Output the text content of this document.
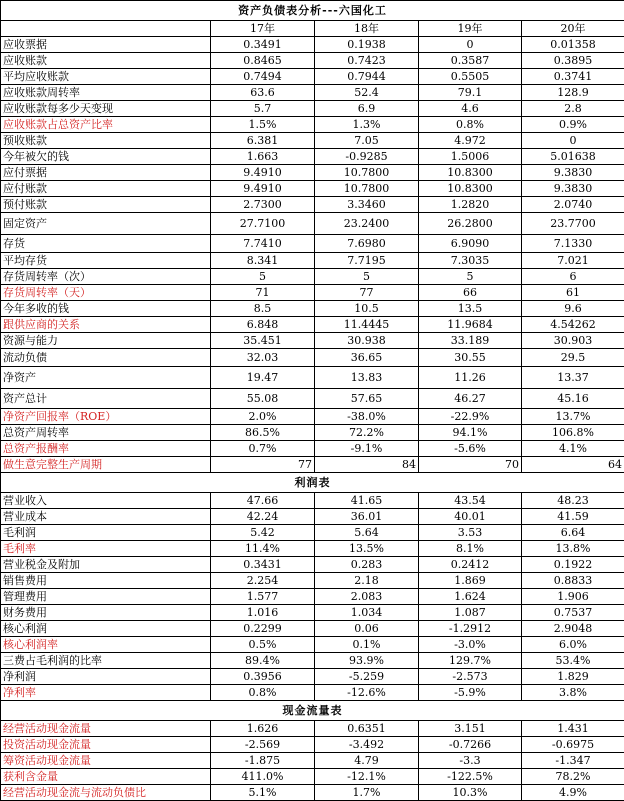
资产负债表分析---六国化工				
	17年	18年	19年	20年
应收票据	0.3491	0.1938	0	0.01358
应收账款	0.8465	0.7423	0.3587	0.3895
平均应收账款	0.7494	0.7944	0.5505	0.3741
应收账款周转率	63.6	52.4	79.1	128.9
应收账款每多少天变现	5.7	6.9	4.6	2.8
应收账款占总资产比率	1.5%	1.3%	0.8%	0.9%
预收账款	6.381	7.05	4.972	0
今年被欠的钱	1.663	-0.9285	1.5006	5.01638
应付票据	9.4910	10.7800	10.8300	9.3830
应付账款	9.4910	10.7800	10.8300	9.3830
预付账款	2.7300	3.3460	1.2820	2.0740
固定资产	27.7100	23.2400	26.2800	23.7700
存货	7.7410	7.6980	6.9090	7.1330
平均存货	8.341	7.7195	7.3035	7.021
存货周转率（次）	5	5	5	6
存货周转率（天）	71	77	66	61
今年多收的钱	8.5	10.5	13.5	9.6
跟供应商的关系	6.848	11.4445	11.9684	4.54262
资源与能力	35.451	30.938	33.189	30.903
流动负债	32.03	36.65	30.55	29.5
净资产	19.47	13.83	11.26	13.37
资产总计	55.08	57.65	46.27	45.16
净资产回报率（ROE）	2.0%	-38.0%	-22.9%	13.7%
总资产周转率	86.5%	72.2%	94.1%	106.8%
总资产报酬率	0.7%	-9.1%	-5.6%	4.1%
做生意完整生产周期	77	84	70	64
利润表				
营业收入	47.66	41.65	43.54	48.23
营业成本	42.24	36.01	40.01	41.59
毛利润	5.42	5.64	3.53	6.64
毛利率	11.4%	13.5%	8.1%	13.8%
营业税金及附加	0.3431	0.283	0.2412	0.1922
销售费用	2.254	2.18	1.869	0.8833
管理费用	1.577	2.083	1.624	1.906
财务费用	1.016	1.034	1.087	0.7537
核心利润	0.2299	0.06	-1.2912	2.9048
核心利润率	0.5%	0.1%	-3.0%	6.0%
三费占毛利润的比率	89.4%	93.9%	129.7%	53.4%
净利润	0.3956	-5.259	-2.573	1.829
净利率	0.8%	-12.6%	-5.9%	3.8%
现金流量表				
经营活动现金流量	1.626	0.6351	3.151	1.431
投资活动现金流量	-2.569	-3.492	-0.7266	-0.6975
筹资活动现金流量	-1.875	4.79	-3.3	-1.347
获利含金量	411.0%	-12.1%	-122.5%	78.2%
经营活动现金流与流动负债比	5.1%	1.7%	10.3%	4.9%
